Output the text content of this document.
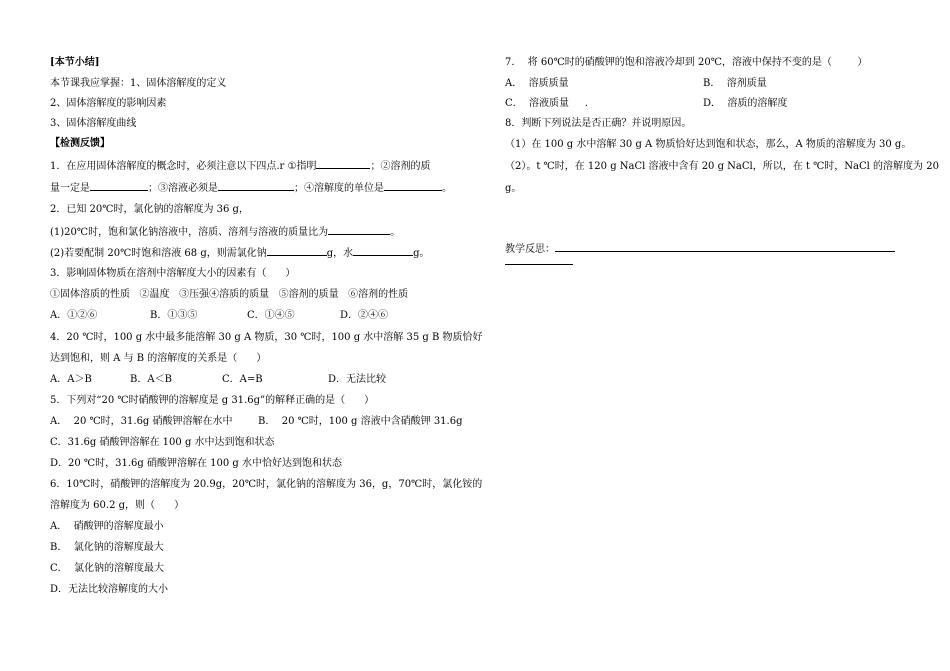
[本节小结]
本节课我应掌握：1、固体溶解度的定义
2、固体溶解度的影响因素
3、固体溶解度曲线
【检测反馈】
1．在应用固体溶解度的概念时，必须注意以下四点.r ①指明	；②溶剂的质
量一定是	；③溶液必须是	；④溶解度的单位是	。
2．已知 20℃时，氯化钠的溶解度为 36 g，
(1)20℃时，饱和氯化钠溶液中，溶质、溶剂与溶液的质量比为	。
(2)若要配制 20℃时饱和溶液 68 g，则需氯化钠	g，水	g。
3．影响固体物质在溶剂中溶解度大小的因素有（      ）
①固体溶质的性质   ②温度   ③压强④溶质的质量   ⑤溶剂的质量   ⑥溶剂的性质

A．①②⑥

	B．①③⑤

	C．①④⑤

	D．②④⑥

4．20 ℃时，100 g 水中最多能溶解 30 g A 物质，30 ℃时，100 g 水中溶解 35 g B 物质恰好
达到饱和，则 A 与 B 的溶解度的关系是（      ）

A．A＞B

	B．A＜B

	C．A=B

	D．无法比较

5．下列对“20 ℃时硝酸钾的溶解度是 g 31.6g”的解释正确的是（      ）

A．  20 ℃时，31.6g 硝酸钾溶解在水中

	B．  20 ℃时，100 g 溶液中含硝酸钾 31.6g

C．31.6g 硝酸钾溶解在 100 g 水中达到饱和状态
D．20 ℃时，31.6g 硝酸钾溶解在 100 g 水中恰好达到饱和状态
6．10℃时，硝酸钾的溶解度为 20.9g，20℃时，氯化钠的溶解度为 36，g，70℃时，氯化铵的
溶解度为 60.2 g，则（      ）
A．  硝酸钾的溶解度最小
B．  氯化钠的溶解度最大
C．  氯化钠的溶解度最大
D．无法比较溶解度的大小
7．  将 60℃时的硝酸钾的饱和溶液冷却到 20℃，溶液中保持不变的是（        ）

A．  溶质质量

	B．  溶剂质量

C．  溶液质量     .

	D．  溶质的溶解度

8．判断下列说法是否正确？并说明原因。
（1）在 100 g 水中溶解 30 g A 物质恰好达到饱和状态，那么，A 物质的溶解度为 30 g。
（2）。t ℃时，在 120 g NaCl 溶液中含有 20 g NaCl，所以，在 t ℃时，NaCl 的溶解度为 20
g。
教学反思：
